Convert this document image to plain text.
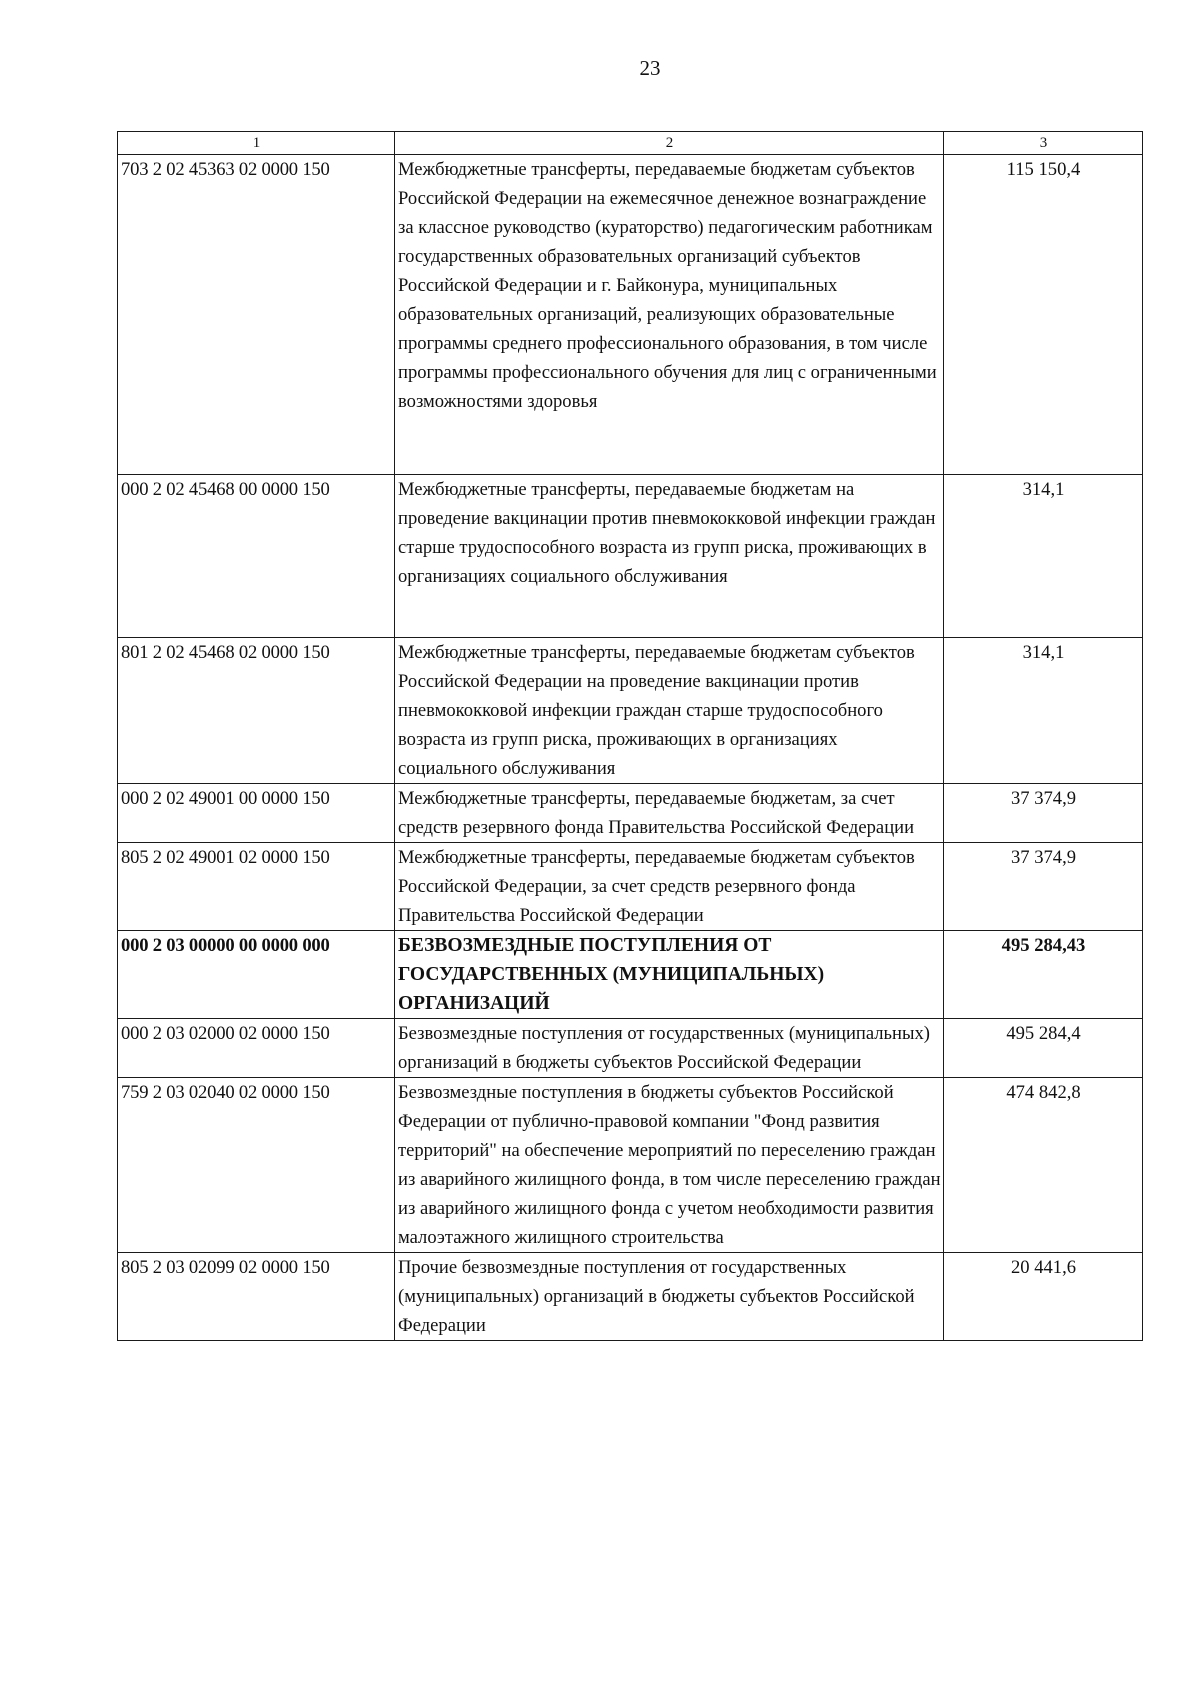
23
1	2	3
703 2 02 45363 02 0000 150	Межбюджетные трансферты, передаваемые бюджетам субъектов Российской Федерации на ежемесячное денежное вознаграждение за классное руководство (кураторство) педагогическим работникам государственных образовательных организаций субъектов Российской Федерации и г. Байконура, муниципальных образовательных организаций, реализующих образовательные программы среднего профессионального образования, в том числе программы профессионального обучения для лиц с ограниченными возможностями здоровья	115 150,4
000 2 02 45468 00 0000 150	Межбюджетные трансферты, передаваемые бюджетам на проведение вакцинации против пневмококковой инфекции граждан старше трудоспособного возраста из групп риска, проживающих в организациях социального обслуживания	314,1
801 2 02 45468 02 0000 150	Межбюджетные трансферты, передаваемые бюджетам субъектов Российской Федерации на проведение вакцинации против пневмококковой инфекции граждан старше трудоспособного возраста из групп риска, проживающих в организациях социального обслуживания	314,1
000 2 02 49001 00 0000 150	Межбюджетные трансферты, передаваемые бюджетам, за счет средств резервного фонда Правительства Российской Федерации	37 374,9
805 2 02 49001 02 0000 150	Межбюджетные трансферты, передаваемые бюджетам субъектов Российской Федерации, за счет средств резервного фонда Правительства Российской Федерации	37 374,9
000 2 03 00000 00 0000 000	БЕЗВОЗМЕЗДНЫЕ ПОСТУПЛЕНИЯ ОТ ГОСУДАРСТВЕННЫХ (МУНИЦИПАЛЬНЫХ) ОРГАНИЗАЦИЙ	495 284,43
000 2 03 02000 02 0000 150	Безвозмездные поступления от государственных (муниципальных) организаций в бюджеты субъектов Российской Федерации	495 284,4
759 2 03 02040 02 0000 150	Безвозмездные поступления в бюджеты субъектов Российской Федерации от публично-правовой компании "Фонд развития территорий" на обеспечение мероприятий по переселению граждан из аварийного жилищного фонда, в том числе переселению граждан из аварийного жилищного фонда с учетом необходимости развития малоэтажного жилищного строительства	474 842,8
805 2 03 02099 02 0000 150	Прочие безвозмездные поступления от государственных (муниципальных) организаций в бюджеты субъектов Российской Федерации	20 441,6
